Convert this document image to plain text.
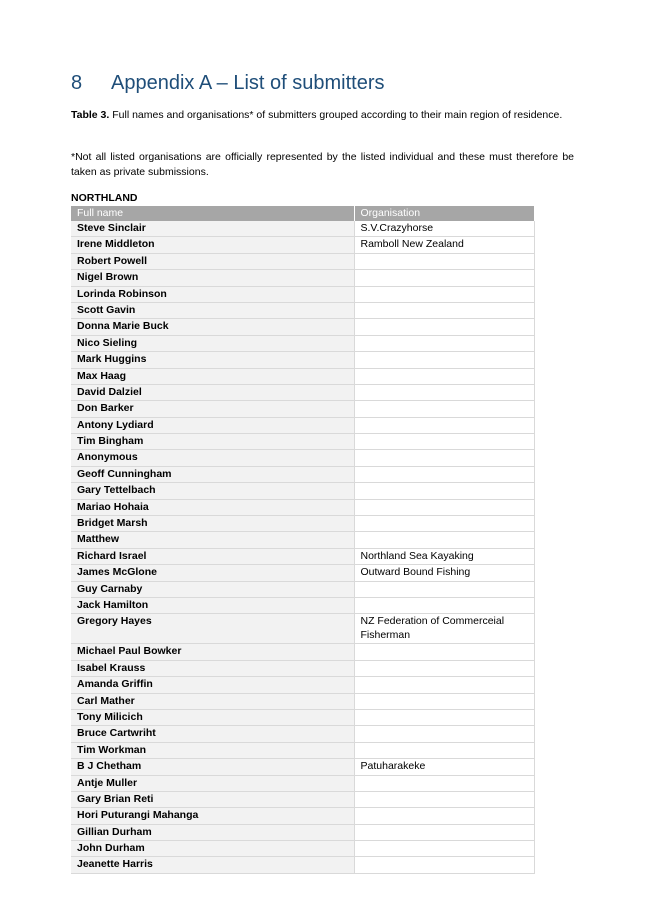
8	Appendix A – List of submitters
Table 3. Full names and organisations* of submitters grouped according to their main region of residence.
*Not all listed organisations are officially represented by the listed individual and these must therefore be taken as private submissions.
NORTHLAND
Full name	Organisation
Steve Sinclair	S.V.Crazyhorse
Irene Middleton	Ramboll New Zealand
Robert Powell	
Nigel Brown	
Lorinda Robinson	
Scott Gavin	
Donna Marie Buck	
Nico Sieling	
Mark Huggins	
Max Haag	
David Dalziel	
Don Barker	
Antony Lydiard	
Tim Bingham	
Anonymous	
Geoff Cunningham	
Gary Tettelbach	
Mariao Hohaia	
Bridget Marsh	
Matthew	
Richard Israel	Northland Sea Kayaking
James McGlone	Outward Bound Fishing
Guy Carnaby	
Jack Hamilton	
Gregory Hayes	NZ Federation of Commerceial Fisherman
Michael Paul Bowker	
Isabel Krauss	
Amanda Griffin	
Carl Mather	
Tony Milicich	
Bruce Cartwriht	
Tim Workman	
B J Chetham	Patuharakeke
Antje Muller	
Gary Brian Reti	
Hori Puturangi Mahanga	
Gillian Durham	
John Durham	
Jeanette Harris	
